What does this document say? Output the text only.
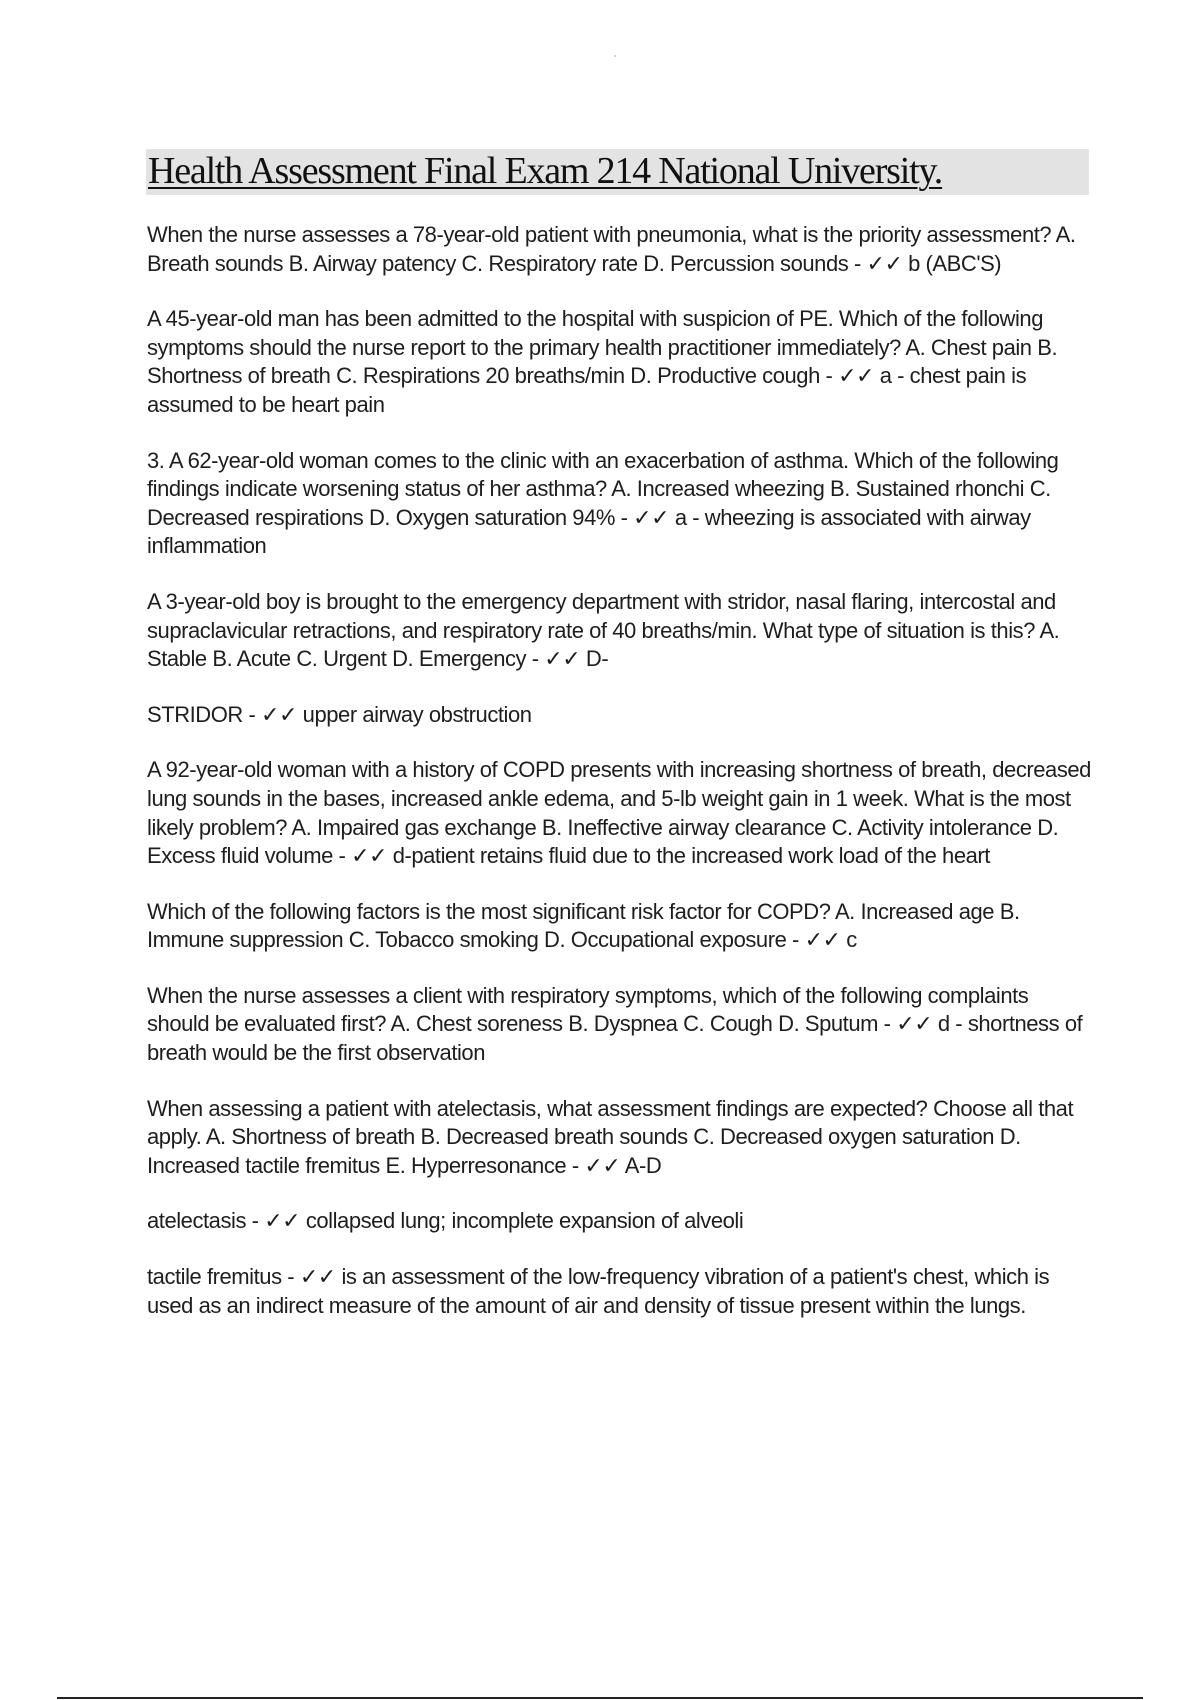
Health Assessment Final Exam 214 National University.

When the nurse assesses a 78-year-old patient with pneumonia, what is the priority assessment? A. Breath sounds B. Airway patency C. Respiratory rate D. Percussion sounds - ✓✓ b (ABC'S)

A 45-year-old man has been admitted to the hospital with suspicion of PE. Which of the following symptoms should the nurse report to the primary health practitioner immediately? A. Chest pain B. Shortness of breath C. Respirations 20 breaths/min D. Productive cough - ✓✓ a - chest pain is assumed to be heart pain

3. A 62-year-old woman comes to the clinic with an exacerbation of asthma. Which of the following findings indicate worsening status of her asthma? A. Increased wheezing B. Sustained rhonchi C. Decreased respirations D. Oxygen saturation 94% - ✓✓ a - wheezing is associated with airway inflammation

A 3-year-old boy is brought to the emergency department with stridor, nasal flaring, intercostal and supraclavicular retractions, and respiratory rate of 40 breaths/min. What type of situation is this? A. Stable B. Acute C. Urgent D. Emergency - ✓✓ D-

STRIDOR - ✓✓ upper airway obstruction

A 92-year-old woman with a history of COPD presents with increasing shortness of breath, decreased lung sounds in the bases, increased ankle edema, and 5-lb weight gain in 1 week. What is the most likely problem? A. Impaired gas exchange B. Ineffective airway clearance C. Activity intolerance D. Excess fluid volume - ✓✓ d-patient retains fluid due to the increased work load of the heart

Which of the following factors is the most significant risk factor for COPD? A. Increased age B. Immune suppression C. Tobacco smoking D. Occupational exposure - ✓✓ c

When the nurse assesses a client with respiratory symptoms, which of the following complaints should be evaluated first? A. Chest soreness B. Dyspnea C. Cough D. Sputum - ✓✓ d - shortness of breath would be the first observation

When assessing a patient with atelectasis, what assessment findings are expected? Choose all that apply. A. Shortness of breath B. Decreased breath sounds C. Decreased oxygen saturation D. Increased tactile fremitus E. Hyperresonance - ✓✓ A-D

atelectasis - ✓✓ collapsed lung; incomplete expansion of alveoli

tactile fremitus - ✓✓ is an assessment of the low-frequency vibration of a patient's chest, which is used as an indirect measure of the amount of air and density of tissue present within the lungs.
